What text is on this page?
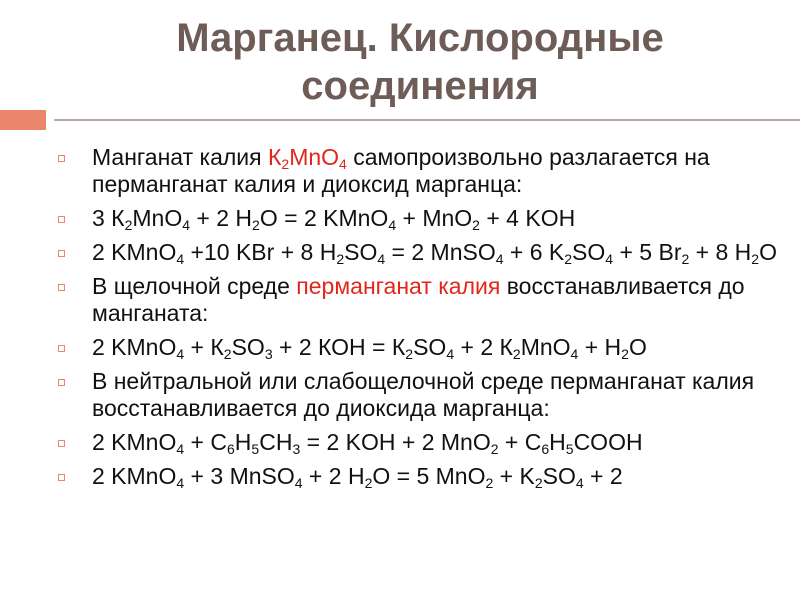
Марганец. Кислородные
соединения
Манганат калия $К_2MnO_4$ самопроизвольно разлагается на перманганат калия и диоксид марганца:
3 $К_2MnO_4 + 2$ $H_2O = 2$ KMnO$_4$ + MnO$_2$ + 4 KOH
2 KMnO$_4$ +10 KBr + 8 $H_2SO_4 = 2$ MnSO$_4$ + 6 $K_2SO_4 + 5$ $Br_2 + 8$ $H_2O$
В щелочной среде перманганат калия восстанавливается до манганата:
2 KMnO$_4$ + $К_2SO_3 + 2$ КОН = $К_2SO_4 + 2$ $К_2MnO_4 + Н_2О$
В нейтральной или слабощелочной среде перманганат калия восстанавливается до диоксида марганца:
2 KMnO$_4$ + $C_6H_5CH_3 = 2$ KOH + 2 $MnO_2 + C_6H_5COOH$
2 KMnO$_4$ + 3 MnSO$_4$ + 2 $H_2O = 5$ $MnO_2 + K_2SO_4 + 2$
